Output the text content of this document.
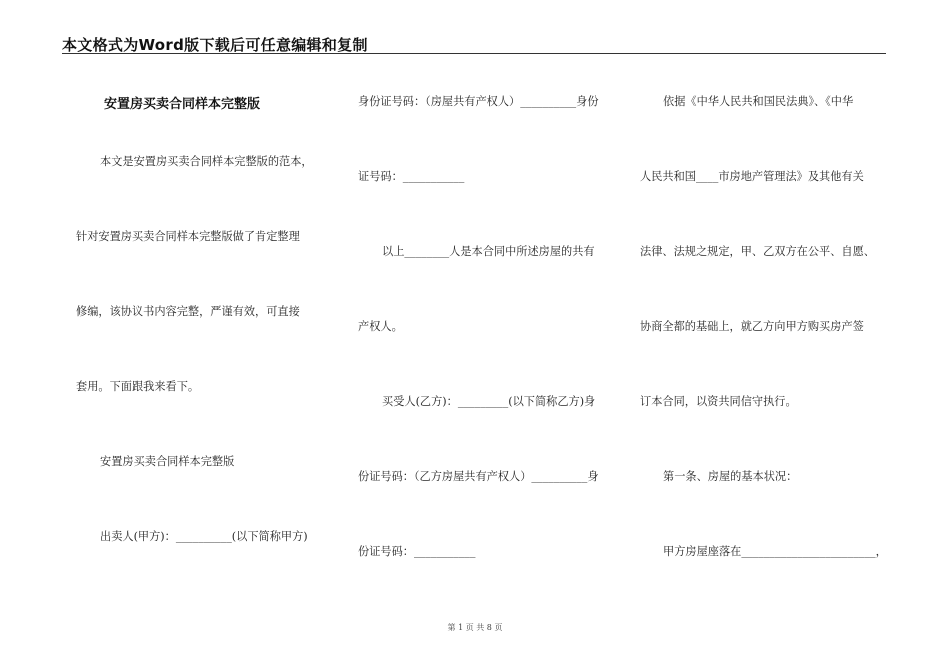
本文格式为Word版下载后可任意编辑和复制
安置房买卖合同样本完整版
本文是安置房买卖合同样本完整版的范本，
针对安置房买卖合同样本完整版做了肯定整理
修编，该协议书内容完整，严谨有效，可直接
套用。下面跟我来看下。
安置房买卖合同样本完整版
出卖人(甲方)：__________(以下简称甲方)
身份证号码：（房屋共有产权人）__________身份
证号码：___________
以上________人是本合同中所述房屋的共有
产权人。
买受人(乙方)：_________(以下简称乙方)身
份证号码：（乙方房屋共有产权人）__________身
份证号码：___________
依据《中华人民共和国民法典》、《中华
人民共和国____市房地产管理法》及其他有关
法律、法规之规定，甲、乙双方在公平、自愿、
协商全都的基础上，就乙方向甲方购买房产签
订本合同，以资共同信守执行。
第一条、房屋的基本状况：
甲方房屋座落在________________________，
第 1 页 共 8 页
